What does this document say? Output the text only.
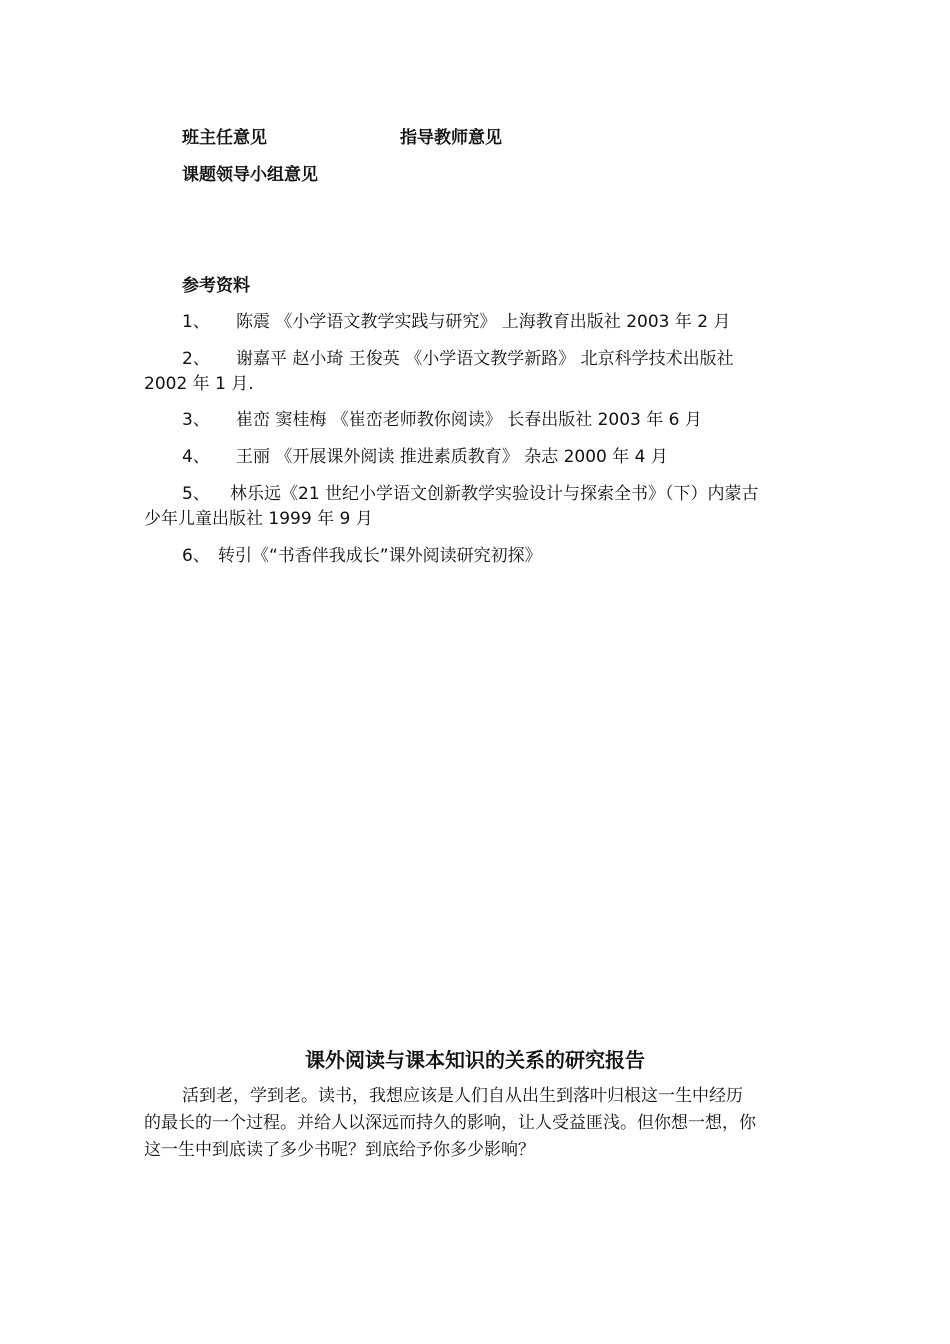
班主任意见	指导教师意见
课题领导小组意见
参考资料
1、 陈震 《小学语文教学实践与研究》 上海教育出版社 2003 年 2 月
2、 谢嘉平 赵小琦 王俊英 《小学语文教学新路》 北京科学技术出版社
2002 年 1 月.
3、 崔峦 窦桂梅 《崔峦老师教你阅读》 长春出版社 2003 年 6 月
4、 王丽 《开展课外阅读 推进素质教育》 杂志 2000 年 4 月
5、 林乐远《21 世纪小学语文创新教学实验设计与探索全书》（下）内蒙古
少年儿童出版社 1999 年 9 月
6、 转引《“书香伴我成长”课外阅读研究初探》
课外阅读与课本知识的关系的研究报告
活到老，学到老。读书，我想应该是人们自从出生到落叶归根这一生中经历
的最长的一个过程。并给人以深远而持久的影响，让人受益匪浅。但你想一想，你
这一生中到底读了多少书呢？到底给予你多少影响？
